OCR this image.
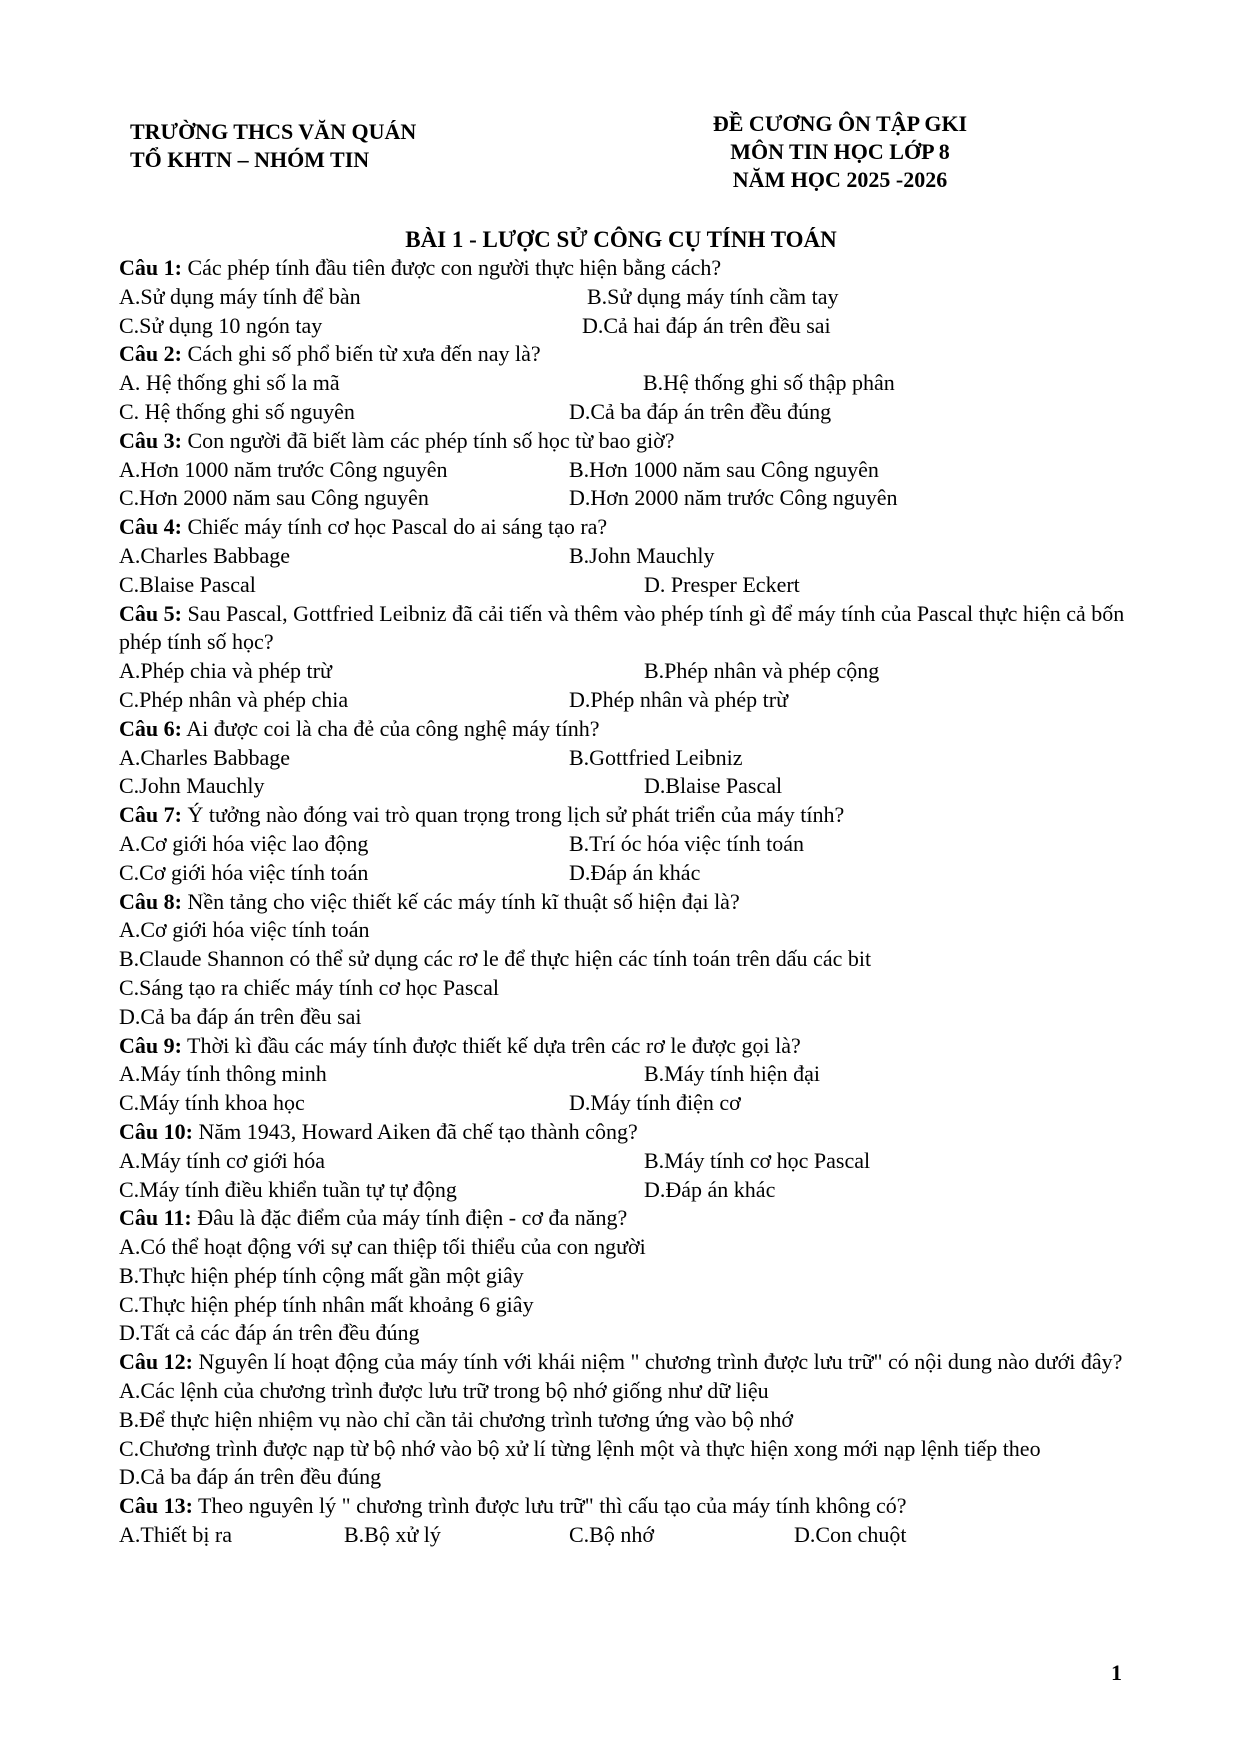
TRƯỜNG THCS VĂN QUÁN
TỔ KHTN – NHÓM TIN
ĐỀ CƯƠNG ÔN TẬP GKI
MÔN TIN HỌC LỚP 8
NĂM HỌC 2025 -2026
BÀI 1 - LƯỢC SỬ CÔNG CỤ TÍNH TOÁN
Câu 1: Các phép tính đầu tiên được con người thực hiện bằng cách?
A.Sử dụng máy tính để bàn	B.Sử dụng máy tính cầm tay
C.Sử dụng 10 ngón tay	D.Cả hai đáp án trên đều sai
Câu 2: Cách ghi số phổ biến từ xưa đến nay là?
A. Hệ thống ghi số la mã	B.Hệ thống ghi số thập phân
C. Hệ thống ghi số nguyên	D.Cả ba đáp án trên đều đúng
Câu 3: Con người đã biết làm các phép tính số học từ bao giờ?
A.Hơn 1000 năm trước Công nguyên	B.Hơn 1000 năm sau Công nguyên
C.Hơn 2000 năm sau Công nguyên	D.Hơn 2000 năm trước Công nguyên
Câu 4: Chiếc máy tính cơ học Pascal do ai sáng tạo ra?
A.Charles Babbage	B.John Mauchly
C.Blaise Pascal	D. Presper Eckert
Câu 5: Sau Pascal, Gottfried Leibniz đã cải tiến và thêm vào phép tính gì để máy tính của Pascal thực hiện cả bốn phép tính số học?
A.Phép chia và phép trừ	B.Phép nhân và phép cộng
C.Phép nhân và phép chia	D.Phép nhân và phép trừ
Câu 6: Ai được coi là cha đẻ của công nghệ máy tính?
A.Charles Babbage	B.Gottfried Leibniz
C.John Mauchly	D.Blaise Pascal
Câu 7: Ý tưởng nào đóng vai trò quan trọng trong lịch sử phát triển của máy tính?
A.Cơ giới hóa việc lao động	B.Trí óc hóa việc tính toán
C.Cơ giới hóa việc tính toán	D.Đáp án khác
Câu 8: Nền tảng cho việc thiết kế các máy tính kĩ thuật số hiện đại là?
A.Cơ giới hóa việc tính toán
B.Claude Shannon có thể sử dụng các rơ le để thực hiện các tính toán trên dấu các bit
C.Sáng tạo ra chiếc máy tính cơ học Pascal
D.Cả ba đáp án trên đều sai
Câu 9: Thời kì đầu các máy tính được thiết kế dựa trên các rơ le được gọi là?
A.Máy tính thông minh	B.Máy tính hiện đại
C.Máy tính khoa học	D.Máy tính điện cơ
Câu 10: Năm 1943, Howard Aiken đã chế tạo thành công?
A.Máy tính cơ giới hóa	B.Máy tính cơ học Pascal
C.Máy tính điều khiển tuần tự tự động	D.Đáp án khác
Câu 11: Đâu là đặc điểm của máy tính điện - cơ đa năng?
A.Có thể hoạt động với sự can thiệp tối thiểu của con người
B.Thực hiện phép tính cộng mất gần một giây
C.Thực hiện phép tính nhân mất khoảng 6 giây
D.Tất cả các đáp án trên đều đúng
Câu 12: Nguyên lí hoạt động của máy tính với khái niệm " chương trình được lưu trữ" có nội dung nào dưới đây?
A.Các lệnh của chương trình được lưu trữ trong bộ nhớ giống như dữ liệu
B.Để thực hiện nhiệm vụ nào chỉ cần tải chương trình tương ứng vào bộ nhớ
C.Chương trình được nạp từ bộ nhớ vào bộ xử lí từng lệnh một và thực hiện xong mới nạp lệnh tiếp theo
D.Cả ba đáp án trên đều đúng
Câu 13: Theo nguyên lý " chương trình được lưu trữ" thì cấu tạo của máy tính không có?
A.Thiết bị ra	B.Bộ xử lý	C.Bộ nhớ	D.Con chuột
1
